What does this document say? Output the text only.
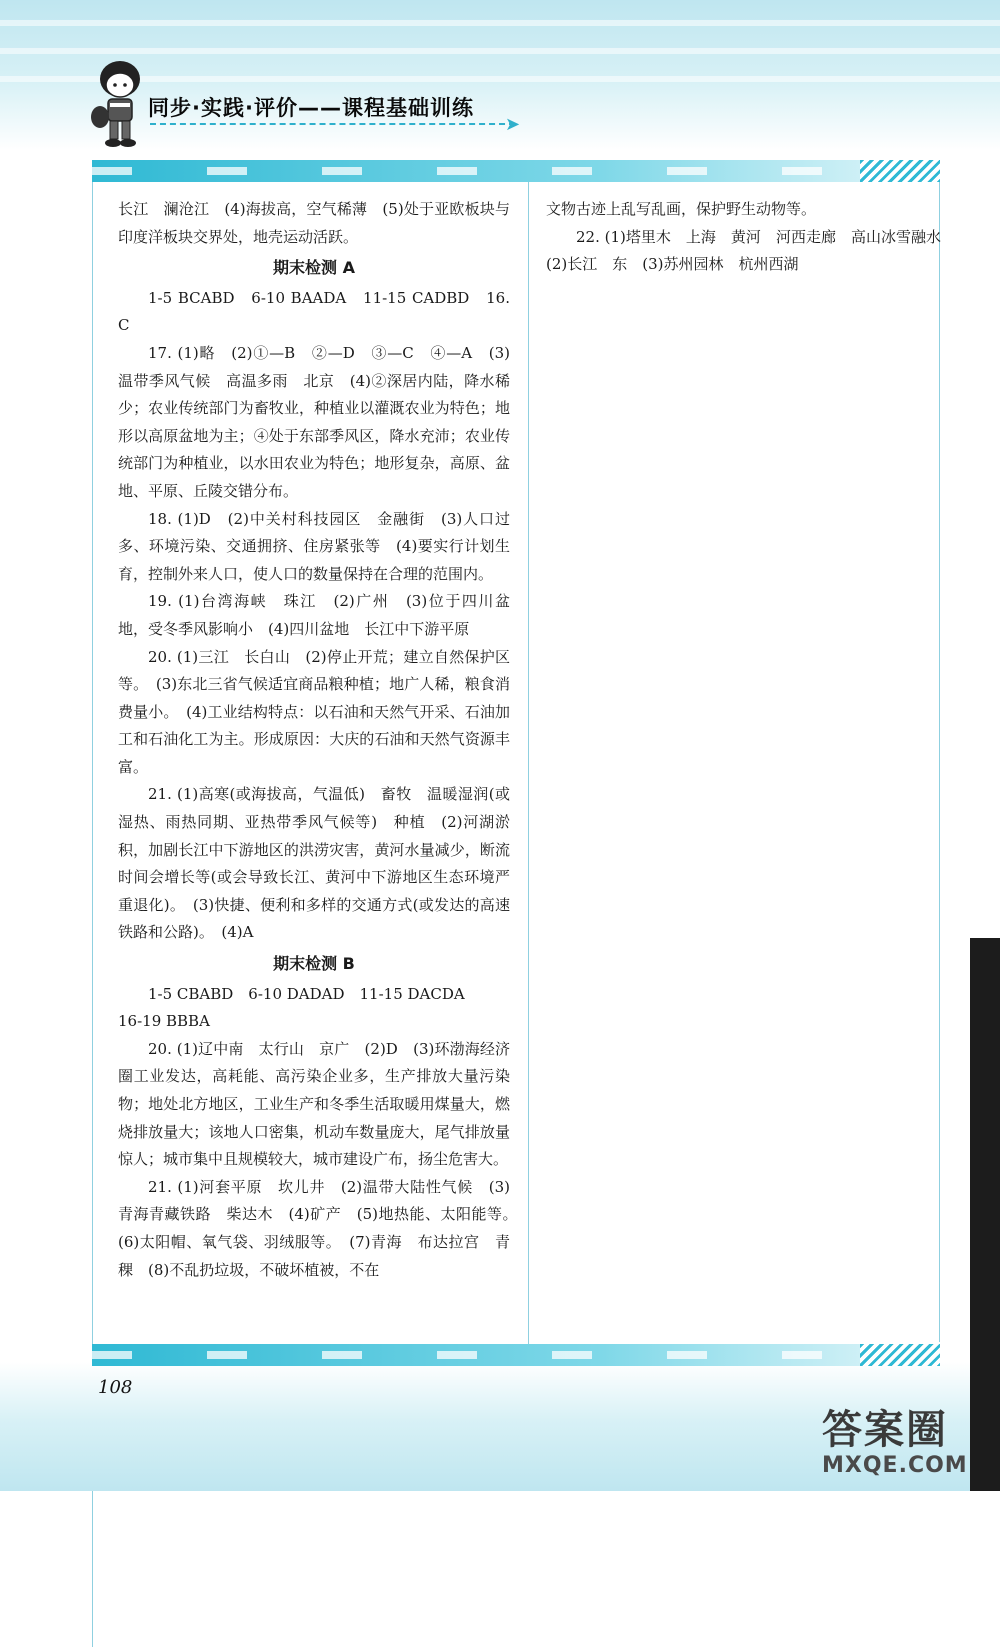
同步·实践·评价——课程基础训练
➤

长江　澜沧江　(4)海拔高，空气稀薄　(5)处于亚欧板块与印度洋板块交界处，地壳运动活跃。

期末检测 A

1-5 BCABD　6-10 BAADA　11-15 CADBD　16. C

17. (1)略　(2)①—B　②—D　③—C　④—A　(3)温带季风气候　高温多雨　北京　(4)②深居内陆，降水稀少；农业传统部门为畜牧业，种植业以灌溉农业为特色；地形以高原盆地为主；④处于东部季风区，降水充沛；农业传统部门为种植业，以水田农业为特色；地形复杂，高原、盆地、平原、丘陵交错分布。

18. (1)D　(2)中关村科技园区　金融街　(3)人口过多、环境污染、交通拥挤、住房紧张等　(4)要实行计划生育，控制外来人口，使人口的数量保持在合理的范围内。

19. (1)台湾海峡　珠江　(2)广州　(3)位于四川盆地，受冬季风影响小　(4)四川盆地　长江中下游平原

20. (1)三江　长白山　(2)停止开荒；建立自然保护区等。　(3)东北三省气候适宜商品粮种植；地广人稀，粮食消费量小。　(4)工业结构特点：以石油和天然气开采、石油加工和石油化工为主。形成原因：大庆的石油和天然气资源丰富。

21. (1)高寒(或海拔高，气温低)　畜牧　温暖湿润(或湿热、雨热同期、亚热带季风气候等)　种植　(2)河湖淤积，加剧长江中下游地区的洪涝灾害，黄河水量减少，断流时间会增长等(或会导致长江、黄河中下游地区生态环境严重退化)。　(3)快捷、便利和多样的交通方式(或发达的高速铁路和公路)。　(4)A

期末检测 B

1-5 CBABD　6-10 DADAD　11-15 DACDA

16-19 BBBA

20. (1)辽中南　太行山　京广　(2)D　(3)环渤海经济圈工业发达，高耗能、高污染企业多，生产排放大量污染物；地处北方地区，工业生产和冬季生活取暖用煤量大，燃烧排放量大；该地人口密集，机动车数量庞大，尾气排放量惊人；城市集中且规模较大，城市建设广布，扬尘危害大。

21. (1)河套平原　坎儿井　(2)温带大陆性气候　(3)青海青藏铁路　柴达木　(4)矿产　(5)地热能、太阳能等。　(6)太阳帽、氧气袋、羽绒服等。　(7)青海　布达拉宫　青稞　(8)不乱扔垃圾，不破坏植被，不在

文物古迹上乱写乱画，保护野生动物等。

22. (1)塔里木　上海　黄河　河西走廊　高山冰雪融水　(2)长江　东　(3)苏州园林　杭州西湖

108
答案圈
MXQE.COM
